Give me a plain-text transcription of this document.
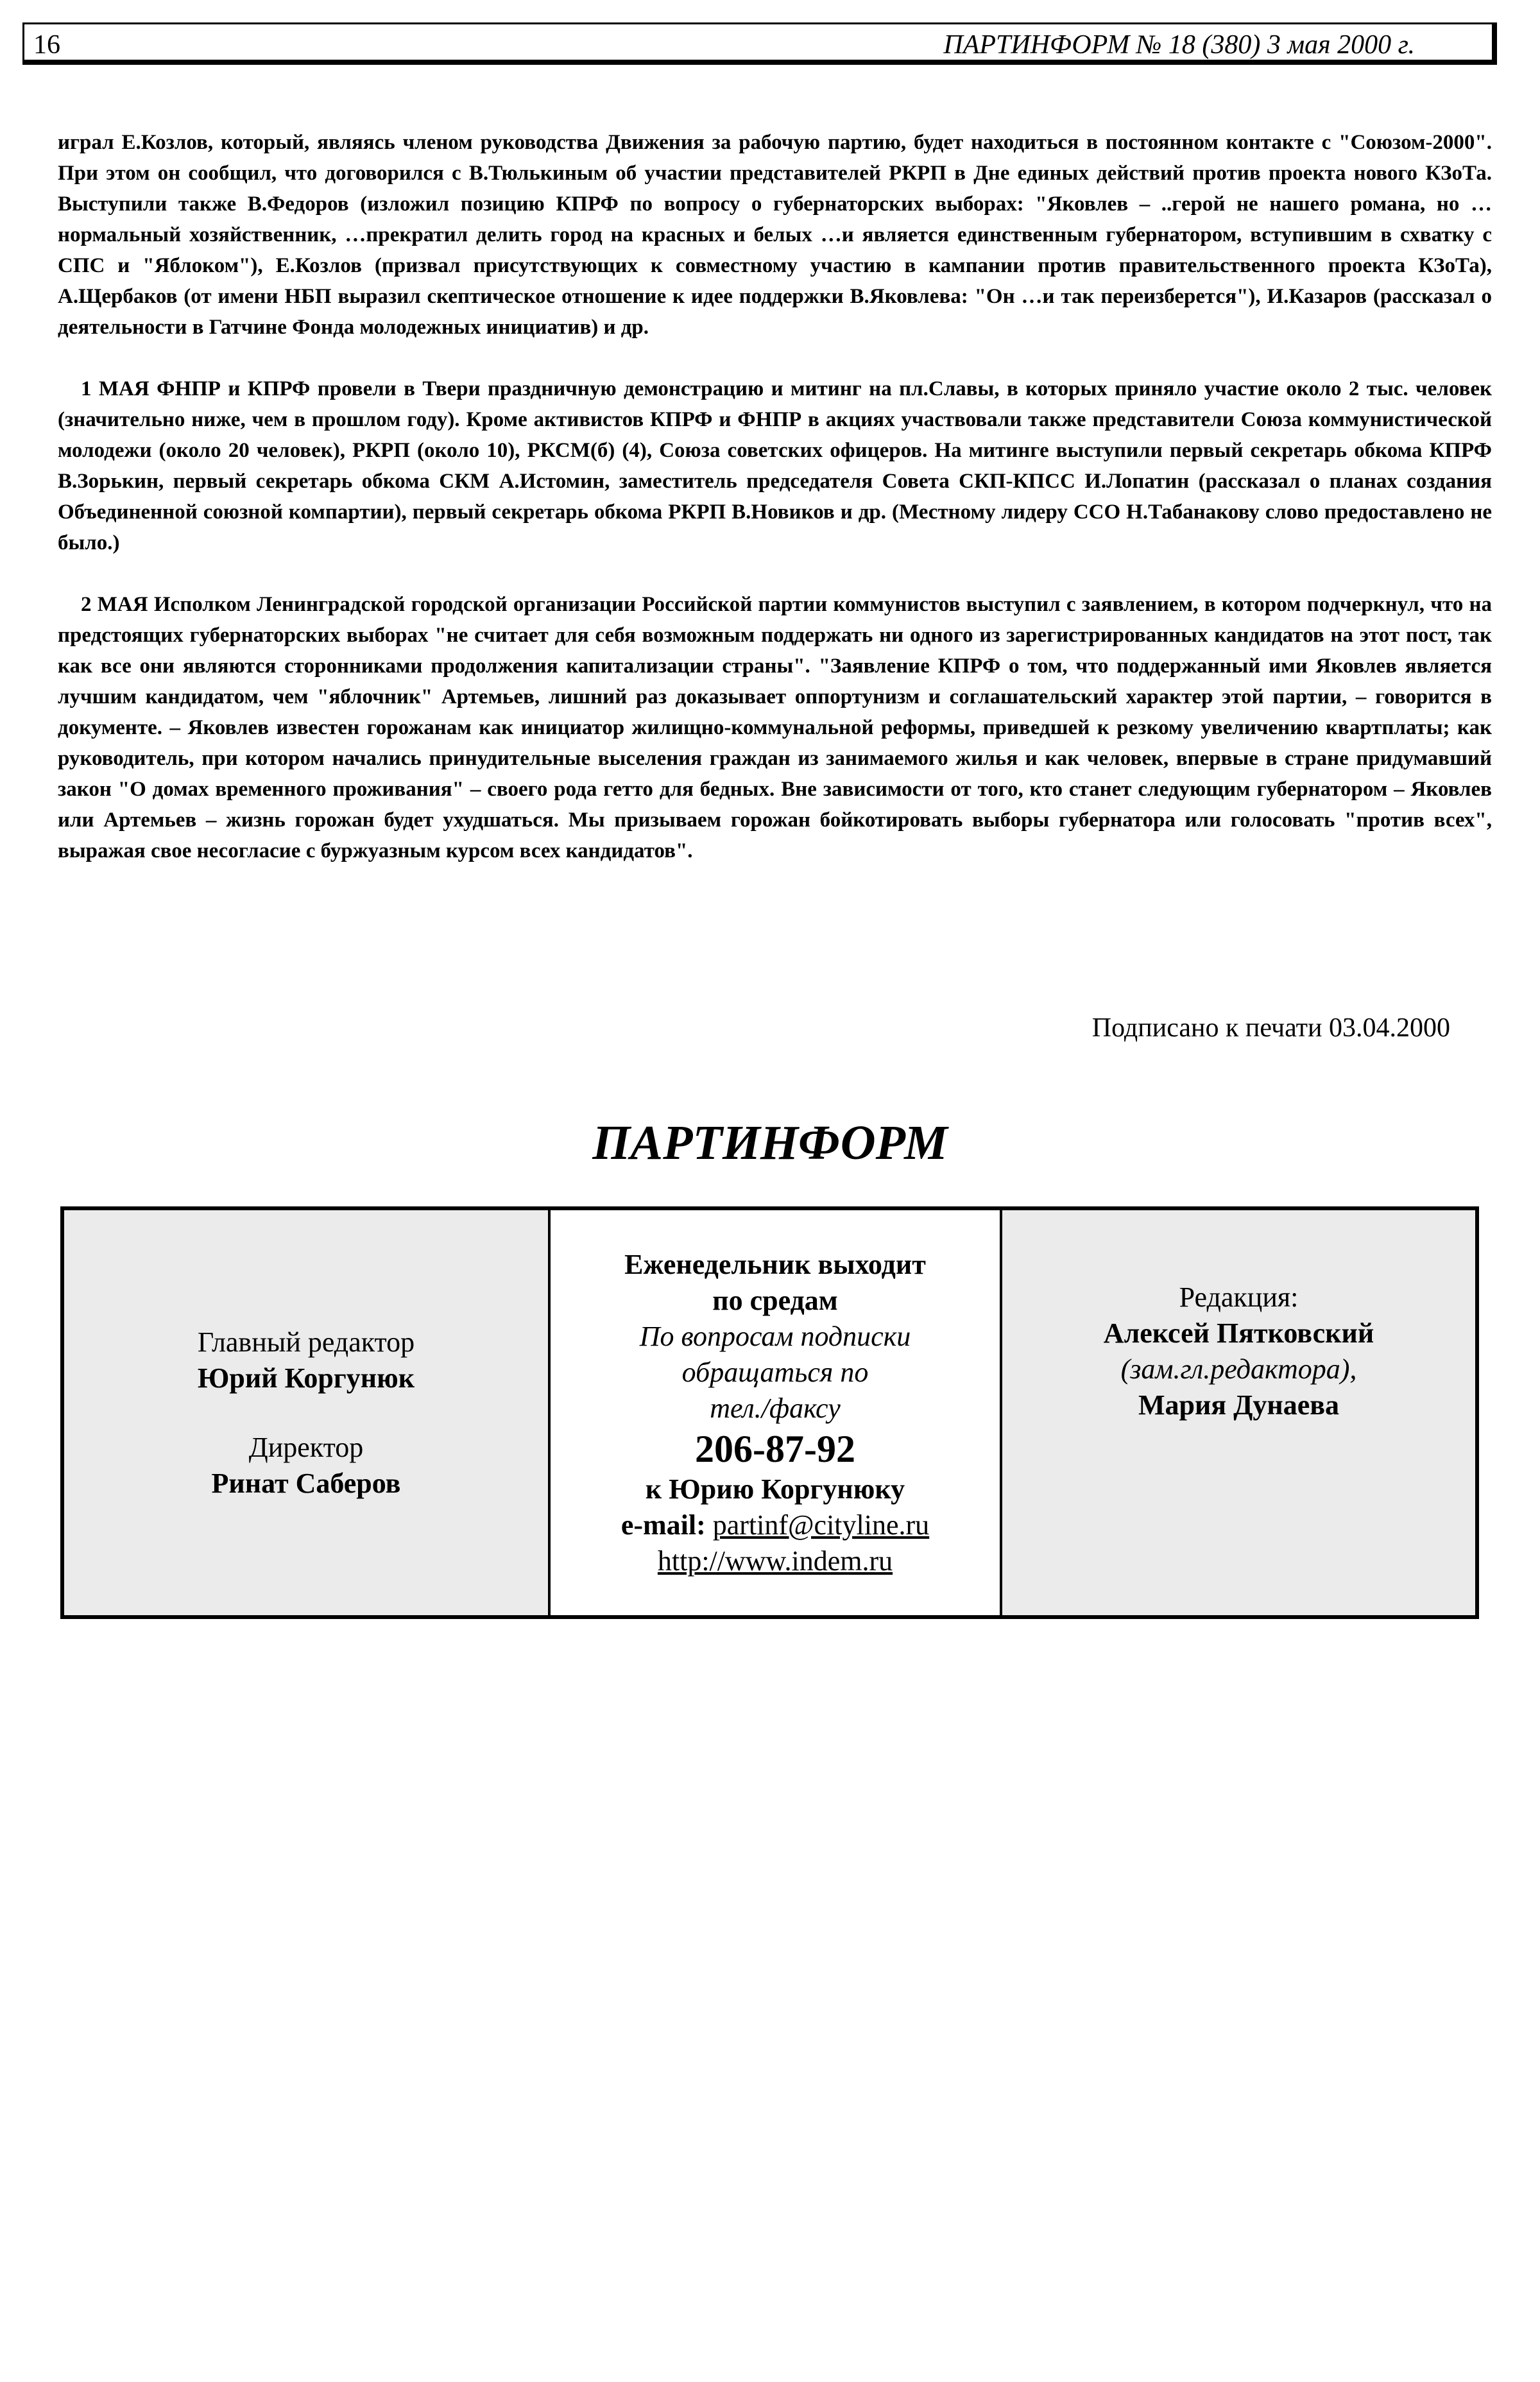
16	ПАРТИНФОРМ № 18 (380) 3 мая 2000 г.

играл Е.Козлов, который, являясь членом руководства Движения за рабочую партию, будет находиться в постоянном контакте с "Союзом-2000". При этом он сообщил, что договорился с В.Тюлькиным об участии представителей РКРП в Дне единых действий против проекта нового КЗоТа. Выступили также В.Федоров (изложил позицию КПРФ по вопросу о губернаторских выборах: "Яковлев – ..герой не нашего романа, но …нормальный хозяйственник, …прекратил делить город на красных и белых …и является единственным губернатором, вступившим в схватку с СПС и "Яблоком"), Е.Козлов (призвал присутствующих к совместному участию в кампании против правительственного проекта КЗоТа), А.Щербаков (от имени НБП выразил скептическое отношение к идее поддержки В.Яковлева: "Он …и так переизберется"), И.Казаров (рассказал о деятельности в Гатчине Фонда молодежных инициатив) и др.

1 МАЯ ФНПР и КПРФ провели в Твери праздничную демонстрацию и митинг на пл.Славы, в которых приняло участие около 2 тыс. человек (значительно ниже, чем в прошлом году). Кроме активистов КПРФ и ФНПР в акциях участвовали также представители Союза коммунистической молодежи (около 20 человек), РКРП (около 10), РКСМ(б) (4), Союза советских офицеров. На митинге выступили первый секретарь обкома КПРФ В.Зорькин, первый секретарь обкома СКМ А.Истомин, заместитель председателя Совета СКП-КПСС И.Лопатин (рассказал о планах создания Объединенной союзной компартии), первый секретарь обкома РКРП В.Новиков и др. (Местному лидеру ССО Н.Табанакову слово предоставлено не было.)

2 МАЯ Исполком Ленинградской городской организации Российской партии коммунистов выступил с заявлением, в котором подчеркнул, что на предстоящих губернаторских выборах "не считает для себя возможным поддержать ни одного из зарегистрированных кандидатов на этот пост, так как все они являются сторонниками продолжения капитализации страны". "Заявление КПРФ о том, что поддержанный ими Яковлев является лучшим кандидатом, чем "яблочник" Артемьев, лишний раз доказывает оппортунизм и соглашательский характер этой партии, – говорится в документе. – Яковлев известен горожанам как инициатор жилищно-коммунальной реформы, приведшей к резкому увеличению квартплаты; как руководитель, при котором начались принудительные выселения граждан из занимаемого жилья и как человек, впервые в стране придумавший закон "О домах временного проживания" – своего рода гетто для бедных. Вне зависимости от того, кто станет следующим губернатором – Яковлев или Артемьев – жизнь горожан будет ухудшаться. Мы призываем горожан бойкотировать выборы губернатора или голосовать "против всех", выражая свое несогласие с буржуазным курсом всех кандидатов".

Подписано к печати 03.04.2000
ПАРТИНФОРМ
Главный редактор
Юрий Коргунюк
Директор
Ринат Саберов
Еженедельник выходит
по средам
По вопросам подписки
обращаться по
тел./факсу
206-87-92
к Юрию Коргунюку
e-mail: partinf@cityline.ru
http://www.indem.ru
Редакция:
Алексей Пятковский
(зам.гл.редактора),
Мария Дунаева
